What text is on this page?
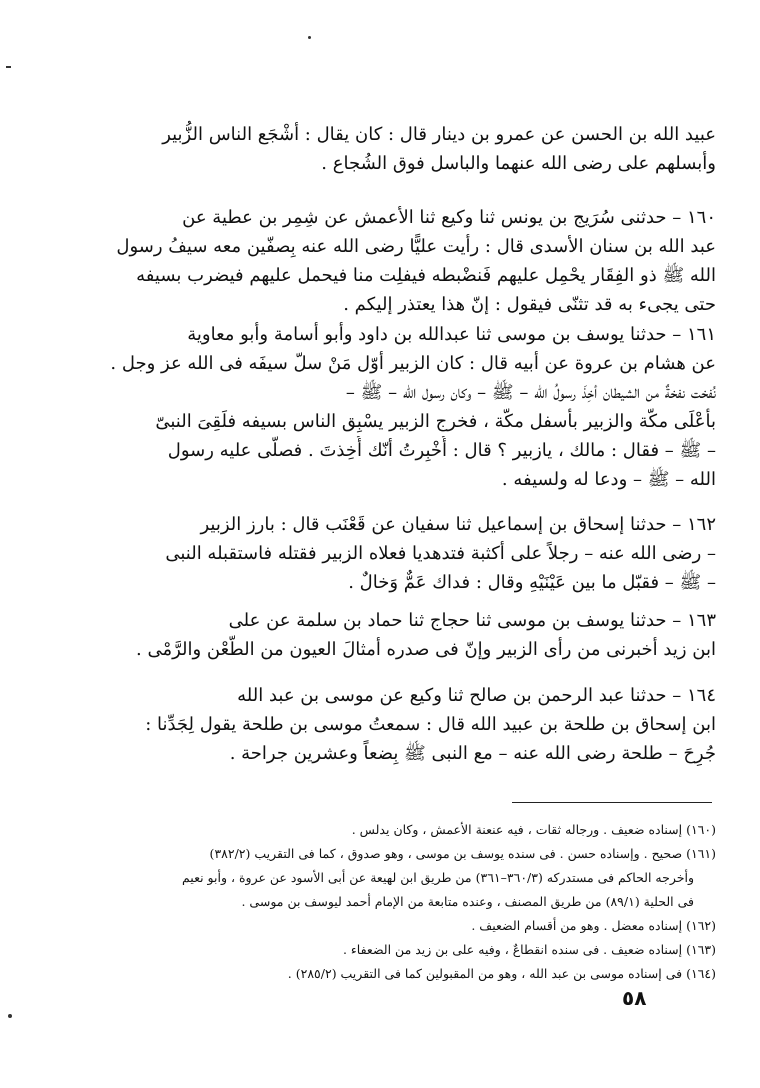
عبيد الله بن الحسن عن عمرو بن دينار قال : كان يقال : أشْجَع الناس الزُّبير
وأبسلهم على رضى الله عنهما والباسل فوق الشُجاع .
١٦٠ – حدثنى سُرَيج بن يونس ثنا وكيع ثنا الأعمش عن شِمِر بن عطية عن
عبد الله بن سنان الأسدى قال : رأيت عليًّا رضى الله عنه بِصفّين معه سيفُ رسول
الله ﷺ ذو الفِقَار يحْمِل عليهم فَنضْبطه فيفلِت منا فيحمل عليهم فيضرب بسيفه
حتى يجىء به قد تثنّى فيقول : إنّ هذا يعتذر إليكم .
١٦١ – حدثنا يوسف بن موسى ثنا عبدالله بن داود وأبو أسامة وأبو معاوية
عن هشام بن عروة عن أبيه قال : كان الزبير أوّل مَنْ سلّ سيفَه فى الله عز وجل .
نُفخت نفخةٌ من الشيطان أخِذَ رسولُ الله – ﷺ – وكان رسول الله – ﷺ –
بأعْلَى مكّة والزبير بأسفل مكّة ، فخرج الزبير يسْبِق الناس بسيفه فلَقِىَ النبىّ
– ﷺ – فقال : مالك ، يازبير ؟ قال : أُخْبِرتُ أنّك أُخِذتَ . فصلّى عليه رسول
الله – ﷺ – ودعا له ولسيفه .
١٦٢ – حدثنا إسحاق بن إسماعيل ثنا سفيان عن قَعْنَب قال : بارز الزبير
– رضى الله عنه – رجلاً على أكثبة فتدهديا فعلاه الزبير فقتله فاستقبله النبى
– ﷺ – فقبّل ما بين عَيْنَيْهِ وقال : فداك عَمٌّ وَخالٌ .
١٦٣ – حدثنا يوسف بن موسى ثنا حجاج ثنا حماد بن سلمة عن على
ابن زيد أخبرنى من رأى الزبير وإنّ فى صدره أمثالَ العيون من الطَّعْن والرَّمْى .
١٦٤ – حدثنا عبد الرحمن بن صالح ثنا وكيع عن موسى بن عبد الله
ابن إسحاق بن طلحة بن عبيد الله قال : سمعتُ موسى بن طلحة يقول لِجَدِّنا :
جُرِحَ – طلحة رضى الله عنه – مع النبى ﷺ بِضعاً وعشرين جراحة .
(١٦٠) إسناده ضعيف . ورجاله ثقات ، فيه عنعنة الأعمش ، وكان يدلس .
(١٦١) صحيح . وإسناده حسن . فى سنده يوسف بن موسى ، وهو صدوق ، كما فى التقريب (٣٨٢/٢)
وأخرجه الحاكم فى مستدركه (٣٦٠/٣–٣٦١) من طريق ابن لهيعة عن أبى الأسود عن عروة ، وأبو نعيم
فى الحلية (٨٩/١) من طريق المصنف ، وعنده متابعة من الإمام أحمد ليوسف بن موسى .
(١٦٢) إسناده معضل . وهو من أقسام الضعيف .
(١٦٣) إسناده ضعيف . فى سنده انقطاعٌ ، وفيه على بن زيد من الضعفاء .
(١٦٤) فى إسناده موسى بن عبد الله ، وهو من المقبولين كما فى التقريب (٢٨٥/٢) .
٥٨
